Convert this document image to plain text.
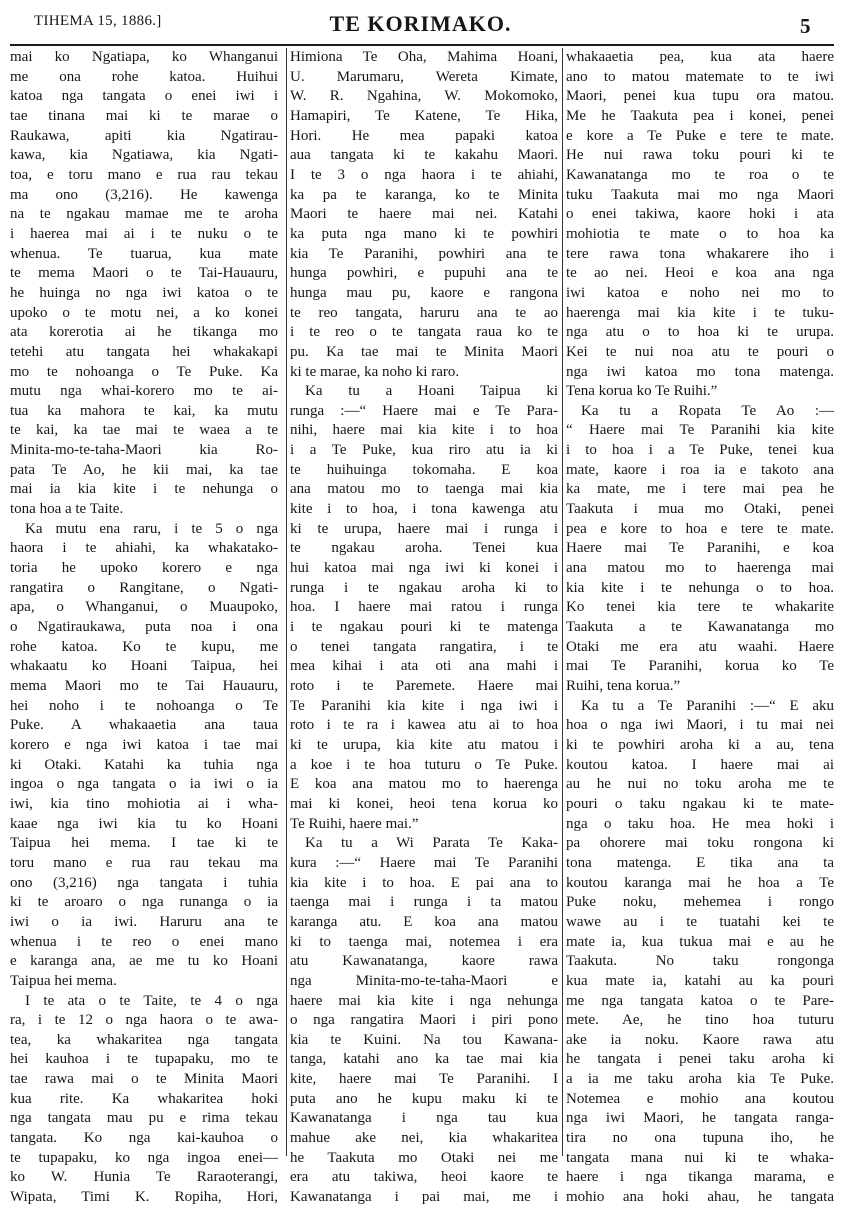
TIHEMA 15, 1886.]	TE KORIMAKO.	5

mai ko Ngatiapa, ko Whanganui

me ona rohe katoa. Huihui

katoa nga tangata o enei iwi i

tae tinana mai ki te marae o

Raukawa, apiti kia Ngatirau-

kawa, kia Ngatiawa, kia Ngati-

toa, e toru mano e rua rau tekau

ma ono (3,216). He kawenga

na te ngakau mamae me te aroha

i haerea mai ai i te nuku o te

whenua. Te tuarua, kua mate

te mema Maori o te Tai-Hauauru,

he huinga no nga iwi katoa o te

upoko o te motu nei, a ko konei

ata korerotia ai he tikanga mo

tetehi atu tangata hei whakakapi

mo te nohoanga o Te Puke. Ka

mutu nga whai-korero mo te ai-

tua ka mahora te kai, ka mutu

te kai, ka tae mai te waea a te

Minita-mo-te-taha-Maori kia Ro-

pata Te Ao, he kii mai, ka tae

mai ia kia kite i te nehunga o

tona hoa a te Taite.

Ka mutu ena raru, i te 5 o nga

haora i te ahiahi, ka whakatako-

toria he upoko korero e nga

rangatira o Rangitane, o Ngati-

apa, o Whanganui, o Muaupoko,

o Ngatiraukawa, puta noa i ona

rohe katoa. Ko te kupu, me

whakaatu ko Hoani Taipua, hei

mema Maori mo te Tai Hauauru,

hei noho i te nohoanga o Te

Puke. A whakaaetia ana taua

korero e nga iwi katoa i tae mai

ki Otaki. Katahi ka tuhia nga

ingoa o nga tangata o ia iwi o ia

iwi, kia tino mohiotia ai i wha-

kaae nga iwi kia tu ko Hoani

Taipua hei mema. I tae ki te

toru mano e rua rau tekau ma

ono (3,216) nga tangata i tuhia

ki te aroaro o nga runanga o ia

iwi o ia iwi. Haruru ana te

whenua i te reo o enei mano

e karanga ana, ae me tu ko Hoani

Taipua hei mema.

I te ata o te Taite, te 4 o nga

ra, i te 12 o nga haora o te awa-

tea, ka whakaritea nga tangata

hei kauhoa i te tupapaku, mo te

tae rawa mai o te Minita Maori

kua rite. Ka whakaritea hoki

nga tangata mau pu e rima tekau

tangata. Ko nga kai-kauhoa o

te tupapaku, ko nga ingoa enei—

ko W. Hunia Te Raraoterangi,

Wipata, Timi K. Ropiha, Hori,

Himiona Te Oha, Mahima Hoani,

U. Marumaru, Wereta Kimate,

W. R. Ngahina, W. Mokomoko,

Hamapiri, Te Katene, Te Hika,

Hori. He mea papaki katoa

aua tangata ki te kakahu Maori.

I te 3 o nga haora i te ahiahi,

ka pa te karanga, ko te Minita

Maori te haere mai nei. Katahi

ka puta nga mano ki te powhiri

kia Te Paranihi, powhiri ana te

hunga powhiri, e pupuhi ana te

hunga mau pu, kaore e rangona

te reo tangata, haruru ana te ao

i te reo o te tangata raua ko te

pu. Ka tae mai te Minita Maori

ki te marae, ka noho ki raro.

Ka tu a Hoani Taipua ki

runga :—“ Haere mai e Te Para-

nihi, haere mai kia kite i to hoa

i a Te Puke, kua riro atu ia ki

te huihuinga tokomaha. E koa

ana matou mo to taenga mai kia

kite i to hoa, i tona kawenga atu

ki te urupa, haere mai i runga i

te ngakau aroha. Tenei kua

hui katoa mai nga iwi ki konei i

runga i te ngakau aroha ki to

hoa. I haere mai ratou i runga

i te ngakau pouri ki te matenga

o tenei tangata rangatira, i te

mea kihai i ata oti ana mahi i

roto i te Paremete. Haere mai

Te Paranihi kia kite i nga iwi i

roto i te ra i kawea atu ai to hoa

ki te urupa, kia kite atu matou i

a koe i te hoa tuturu o Te Puke.

E koa ana matou mo to haerenga

mai ki konei, heoi tena korua ko

Te Ruihi, haere mai.”

Ka tu a Wi Parata Te Kaka-

kura :—“ Haere mai Te Paranihi

kia kite i to hoa. E pai ana to

taenga mai i runga i ta matou

karanga atu. E koa ana matou

ki to taenga mai, notemea i era

atu Kawanatanga, kaore rawa

nga Minita-mo-te-taha-Maori e

haere mai kia kite i nga nehunga

o nga rangatira Maori i piri pono

kia te Kuini. Na tou Kawana-

tanga, katahi ano ka tae mai kia

kite, haere mai Te Paranihi. I

puta ano he kupu maku ki te

Kawanatanga i nga tau kua

mahue ake nei, kia whakaritea

he Taakuta mo Otaki nei me

era atu takiwa, heoi kaore te

Kawanatanga i pai mai, me i

whakaaetia pea, kua ata haere

ano to matou matemate to te iwi

Maori, penei kua tupu ora matou.

Me he Taakuta pea i konei, penei

e kore a Te Puke e tere te mate.

He nui rawa toku pouri ki te

Kawanatanga mo te roa o te

tuku Taakuta mai mo nga Maori

o enei takiwa, kaore hoki i ata

mohiotia te mate o to hoa ka

tere rawa tona whakarere iho i

te ao nei. Heoi e koa ana nga

iwi katoa e noho nei mo to

haerenga mai kia kite i te tuku-

nga atu o to hoa ki te urupa.

Kei te nui noa atu te pouri o

nga iwi katoa mo tona matenga.

Tena korua ko Te Ruihi.”

Ka tu a Ropata Te Ao :—

“ Haere mai Te Paranihi kia kite

i to hoa i a Te Puke, tenei kua

mate, kaore i roa ia e takoto ana

ka mate, me i tere mai pea he

Taakuta i mua mo Otaki, penei

pea e kore to hoa e tere te mate.

Haere mai Te Paranihi, e koa

ana matou mo to haerenga mai

kia kite i te nehunga o to hoa.

Ko tenei kia tere te whakarite

Taakuta a te Kawanatanga mo

Otaki me era atu waahi. Haere

mai Te Paranihi, korua ko Te

Ruihi, tena korua.”

Ka tu a Te Paranihi :—“ E aku

hoa o nga iwi Maori, i tu mai nei

ki te powhiri aroha ki a au, tena

koutou katoa. I haere mai ai

au he nui no toku aroha me te

pouri o taku ngakau ki te mate-

nga o taku hoa. He mea hoki i

pa ohorere mai toku rongona ki

tona matenga. E tika ana ta

koutou karanga mai he hoa a Te

Puke noku, mehemea i rongo

wawe au i te tuatahi kei te

mate ia, kua tukua mai e au he

Taakuta. No taku rongonga

kua mate ia, katahi au ka pouri

me nga tangata katoa o te Pare-

mete. Ae, he tino hoa tuturu

ake ia noku. Kaore rawa atu

he tangata i penei taku aroha ki

a ia me taku aroha kia Te Puke.

Notemea e mohio ana koutou

nga iwi Maori, he tangata ranga-

tira no ona tupuna iho, he

tangata mana nui ki te whaka-

haere i nga tikanga marama, e

mohio ana hoki ahau, he tangata
